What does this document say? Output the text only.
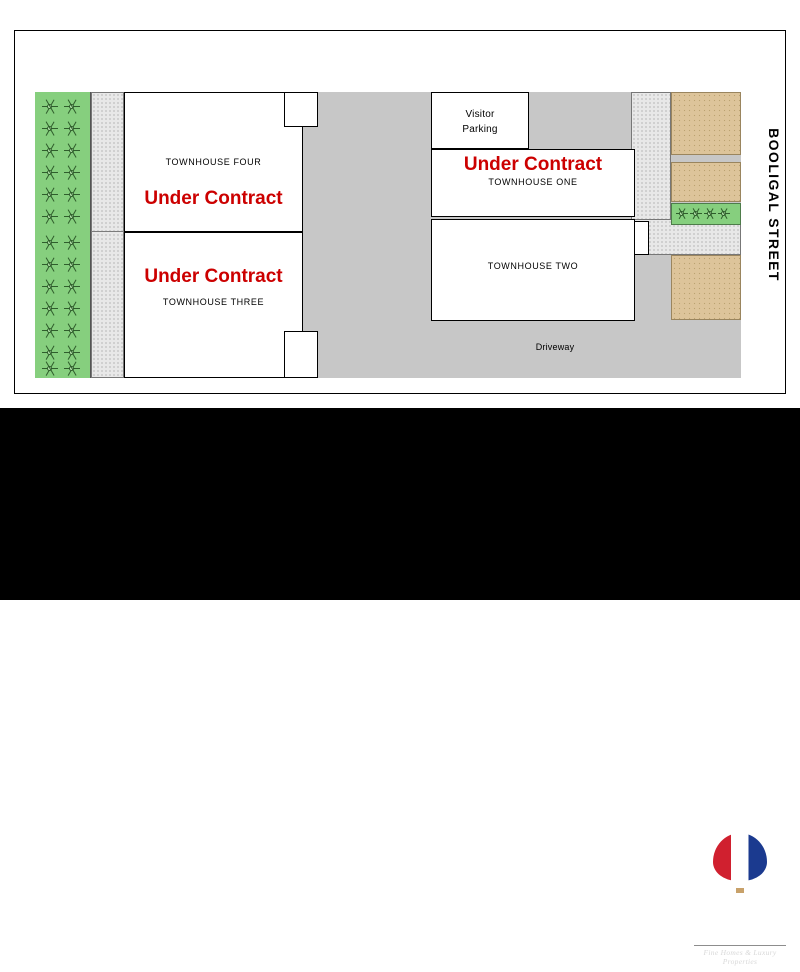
Visitor
Parking
TOWNHOUSE FOUR
Under Contract
Under Contract
TOWNHOUSE THREE
Under Contract
TOWNHOUSE ONE
TOWNHOUSE TWO
Driveway
BOOLIGAL STREET
N	44 booligal street, carina
DAVID COTTERILL
RE/MAX United Vision
0433 230 680
david.cotterill@remax.com.au
THE
RE/MAX
COLLECTION
Fine Homes & Luxury Properties
